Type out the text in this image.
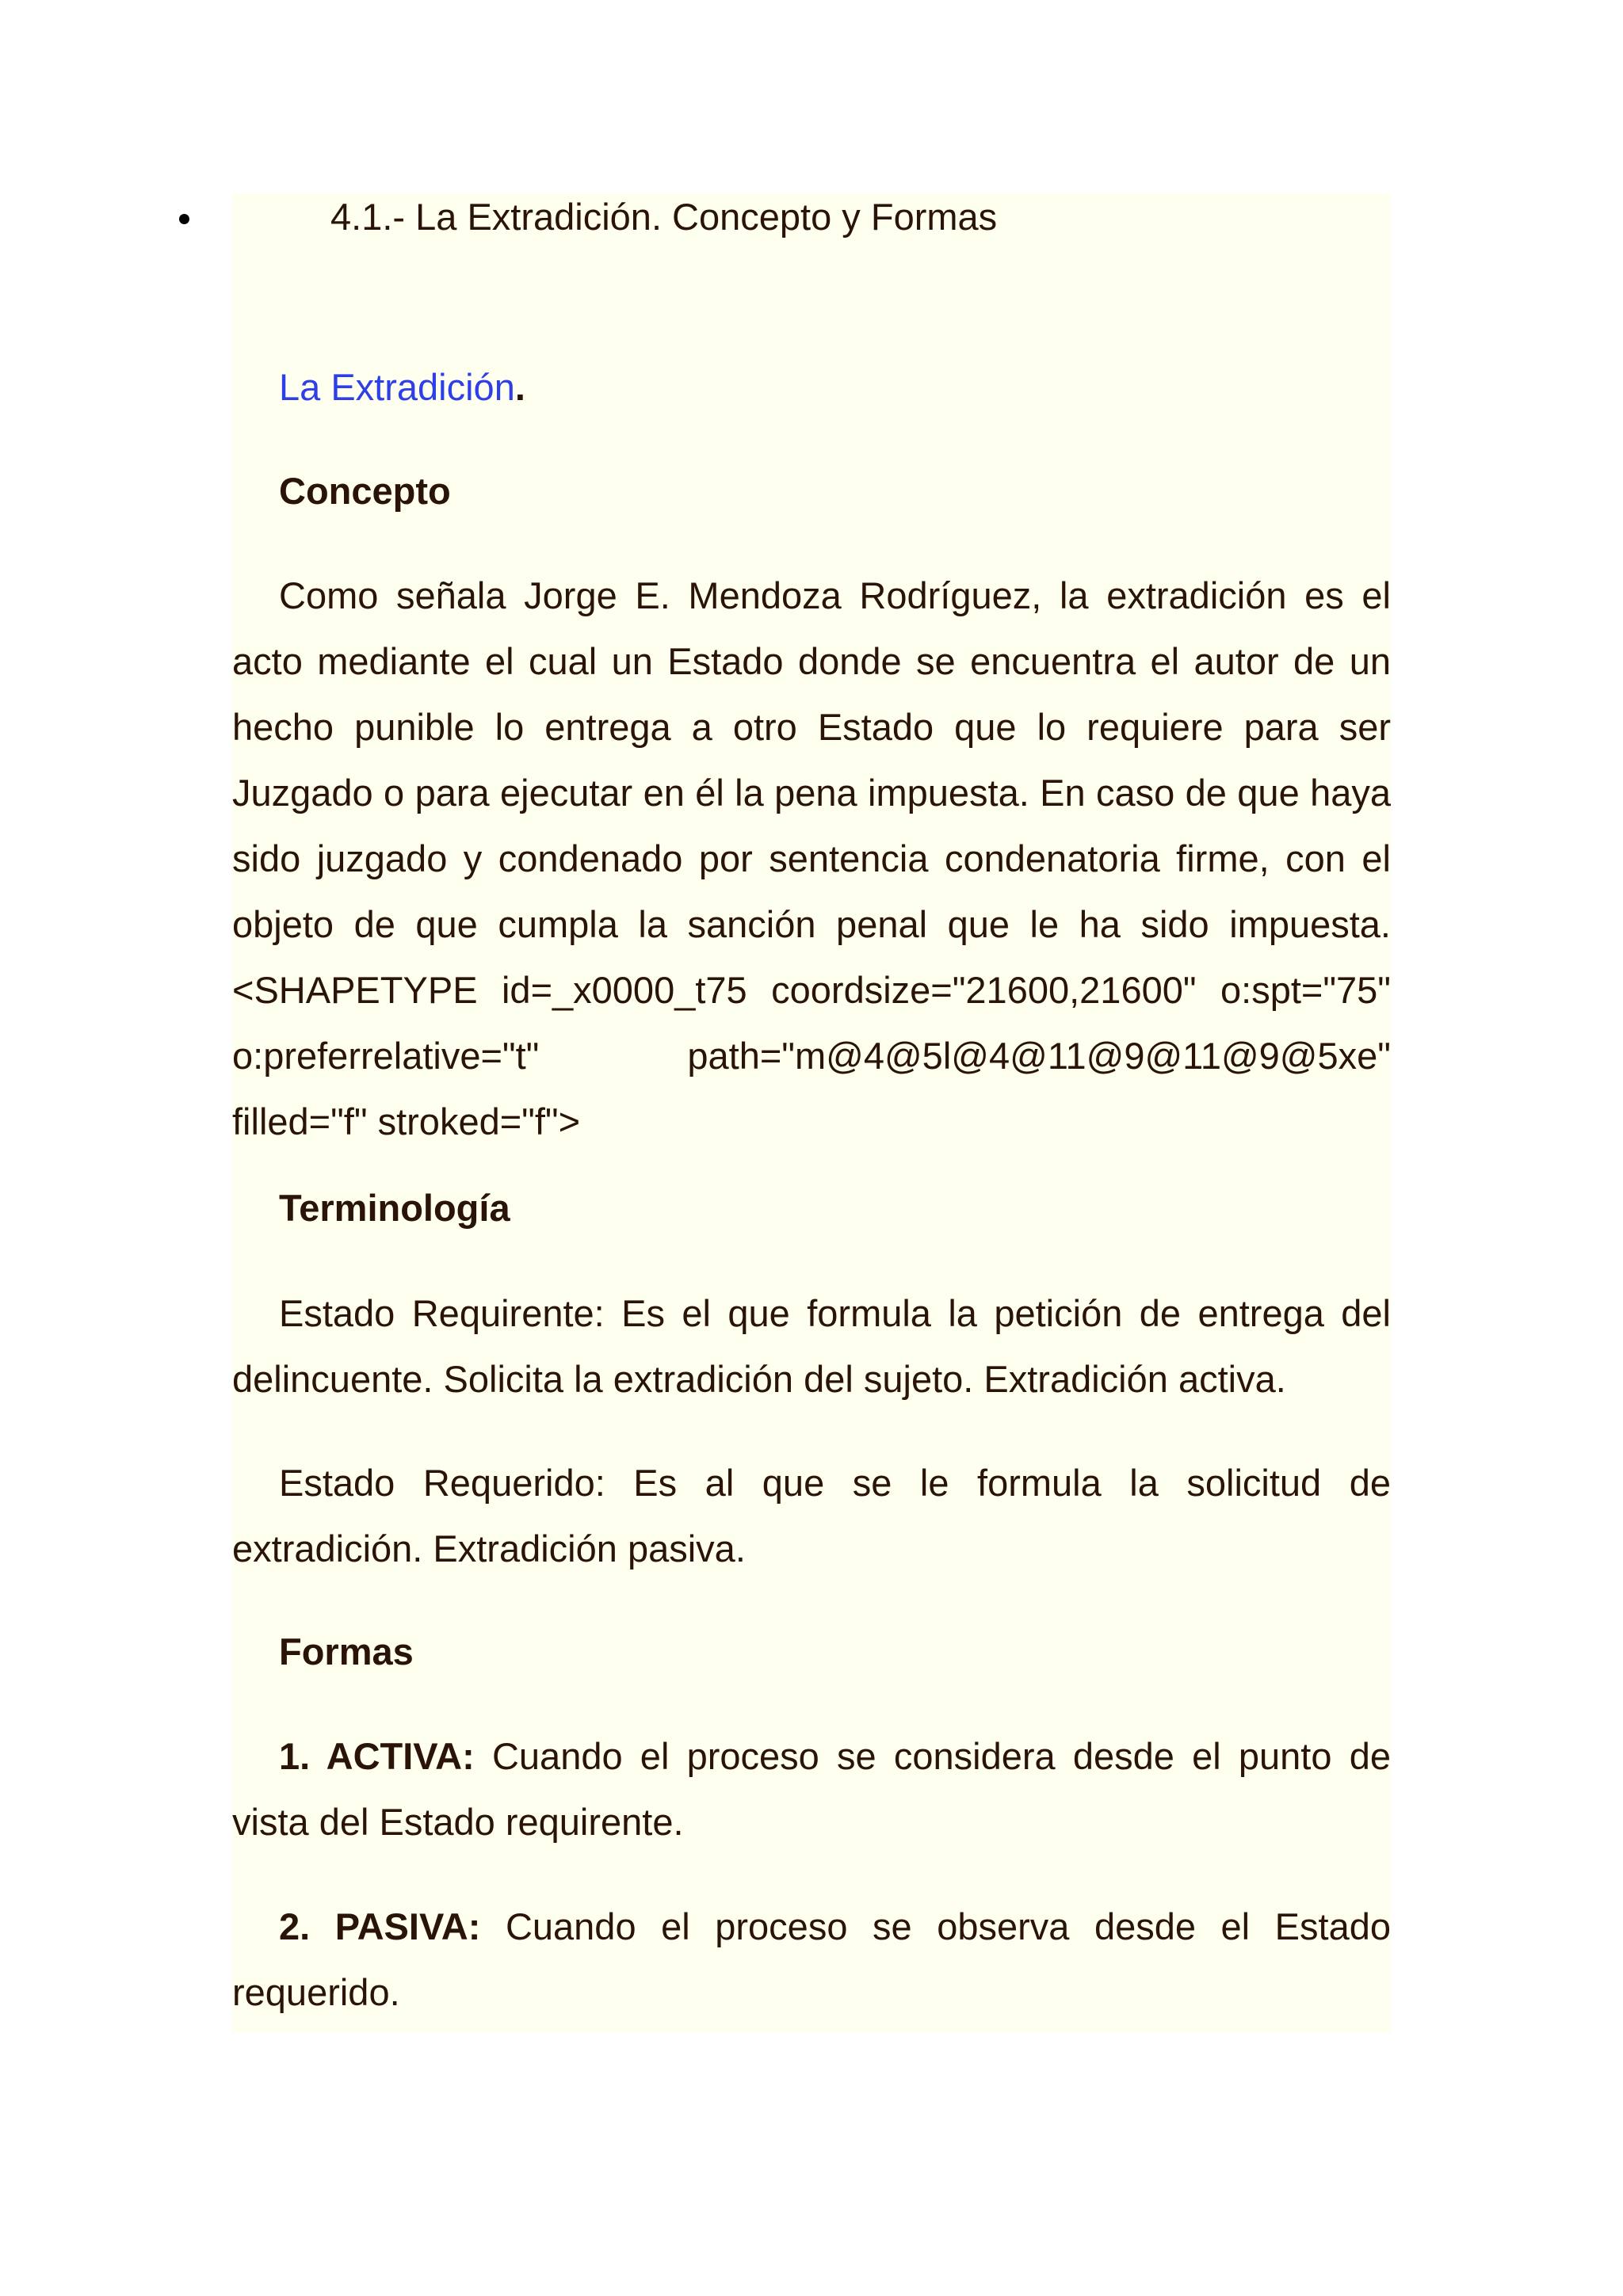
4.1.- La Extradición. Concepto y Formas
La Extradición.
Concepto

Como señala Jorge E. Mendoza Rodríguez, la extradición es el acto mediante el cual un Estado donde se encuentra el autor de un hecho punible lo entrega a otro Estado que lo requiere para ser Juzgado o para ejecutar en él la pena impuesta. En caso de que haya sido juzgado y condenado por sentencia condenatoria firme, con el objeto de que cumpla la sanción penal que le ha sido impuesta. <SHAPETYPE id=_x0000_t75 coordsize="21600,21600" o:spt="75" o:preferrelative="t" path="m@4@5l@4@11@9@11@9@5xe" filled="f" stroked="f">

Terminología

Estado Requirente: Es el que formula la petición de entrega del delincuente. Solicita la extradición del sujeto. Extradición activa.

Estado Requerido: Es al que se le formula la solicitud de extradición. Extradición pasiva.

Formas

1. ACTIVA: Cuando el proceso se considera desde el punto de vista del Estado requirente.

2. PASIVA: Cuando el proceso se observa desde el Estado requerido.
